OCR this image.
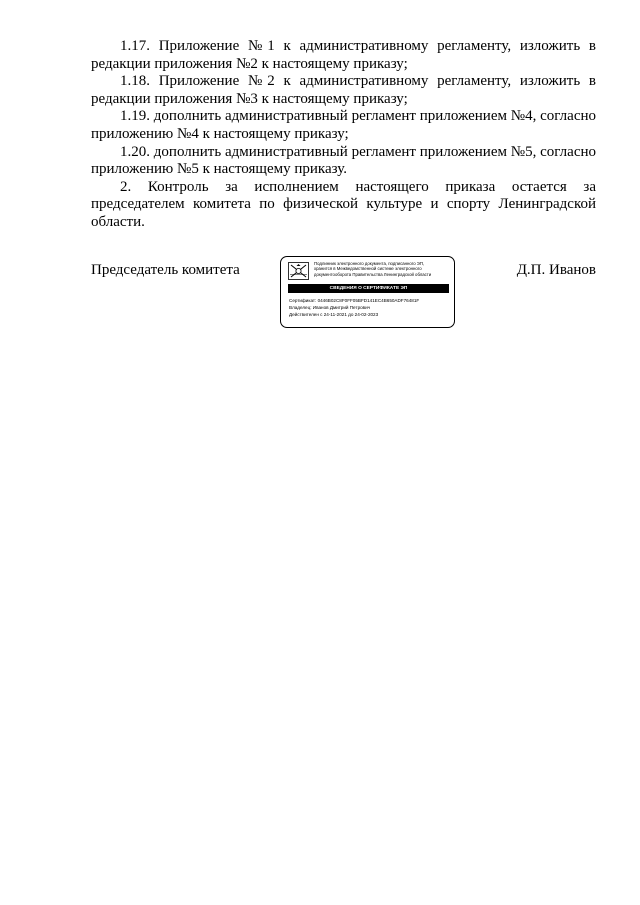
1.17. Приложение №1 к административному регламенту, изложить в редакции приложения №2 к настоящему приказу;

1.18. Приложение №2 к административному регламенту, изложить в редакции приложения №3 к настоящему приказу;

1.19. дополнить административный регламент приложением №4, согласно приложению №4 к настоящему приказу;

1.20. дополнить административный регламент приложением №5, согласно приложению №5 к настоящему приказу.

2. Контроль за исполнением настоящего приказа остается за председателем комитета по физической культуре и спорту Ленинградской области.

Председатель комитета	Подлинник электронного документа, подписанного ЭП,
хранится в Межведомственной системе электронного
документооборота Правительства Ленинградской области
СВЕДЕНИЯ О СЕРТИФИКАТЕ ЭП
Сертификат: 0446B02C8F0FF05BFD141EC4B650ADF76481F
Владелец: Иванов Дмитрий Петрович
Действителен с 24-11-2021 до 24-02-2023
Д.П. Иванов
